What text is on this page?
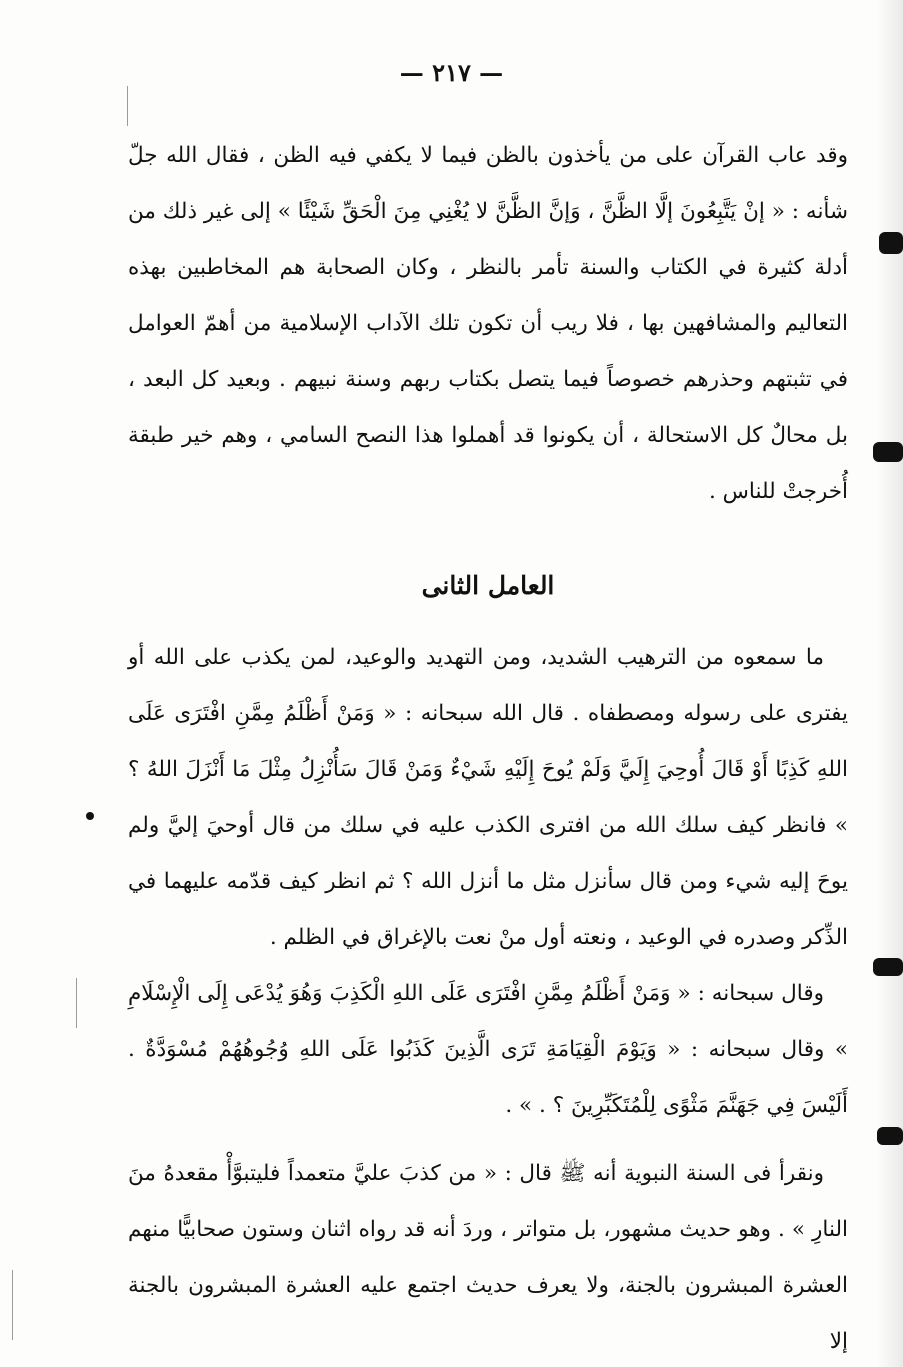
— ٢١٧ —

وقد عاب القرآن على من يأخذون بالظن فيما لا يكفي فيه الظن ، فقال الله جلّ شأنه : « إنْ يَتَّبِعُونَ إلَّا الظَّنَّ ، وَإنَّ الظَّنَّ لا يُغْنِي مِنَ الْحَقِّ شَيْئًا » إلى غير ذلك من أدلة كثيرة في الكتاب والسنة تأمر بالنظر ، وكان الصحابة هم المخاطبين بهذه التعاليم والمشافهين بها ، فلا ريب أن تكون تلك الآداب الإسلامية من أهمّ العوامل في تثبتهم وحذرهم خصوصاً فيما يتصل بكتاب ربهم وسنة نبيهم . وبعيد كل البعد ، بل محالٌ كل الاستحالة ، أن يكونوا قد أهملوا هذا النصح السامي ، وهم خير طبقة أُخرجتْ للناس .

العامل الثانى

ما سمعوه من الترهيب الشديد، ومن التهديد والوعيد، لمن يكذب على الله أو يفترى على رسوله ومصطفاه . قال الله سبحانه : « وَمَنْ أَظْلَمُ مِمَّنِ افْتَرَى عَلَى اللهِ كَذِبًا أَوْ قَالَ أُوحِيَ إِلَيَّ وَلَمْ يُوحَ إِلَيْهِ شَيْءٌ وَمَنْ قَالَ سَأُنْزِلُ مِثْلَ مَا أَنْزَلَ اللهُ ؟ » فانظر كيف سلك الله من افترى الكذب عليه في سلك من قال أوحيَ إليَّ ولم يوحَ إليه شيء ومن قال سأنزل مثل ما أنزل الله ؟ ثم انظر كيف قدّمه عليهما في الذِّكر وصدره في الوعيد ، ونعته أول منْ نعت بالإغراق في الظلم .

وقال سبحانه : « وَمَنْ أَظْلَمُ مِمَّنِ افْتَرَى عَلَى اللهِ الْكَذِبَ وَهُوَ يُدْعَى إِلَى الْإِسْلَامِ » وقال سبحانه : « وَيَوْمَ الْقِيَامَةِ تَرَى الَّذِينَ كَذَبُوا عَلَى اللهِ وُجُوهُهُمْ مُسْوَدَّةٌ . أَلَيْسَ فِي جَهَنَّمَ مَثْوًى لِلْمُتَكَبِّرِينَ ؟ . » .

ونقرأ فى السنة النبوية أنه ﷺ قال : « من كذبَ عليَّ متعمداً فليتبوَّأْ مقعدهُ منَ النارِ » . وهو حديث مشهور، بل متواتر ، وردَ أنه قد رواه اثنان وستون صحابيًّا منهم العشرة المبشرون بالجنة، ولا يعرف حديث اجتمع عليه العشرة المبشرون بالجنة إلا
